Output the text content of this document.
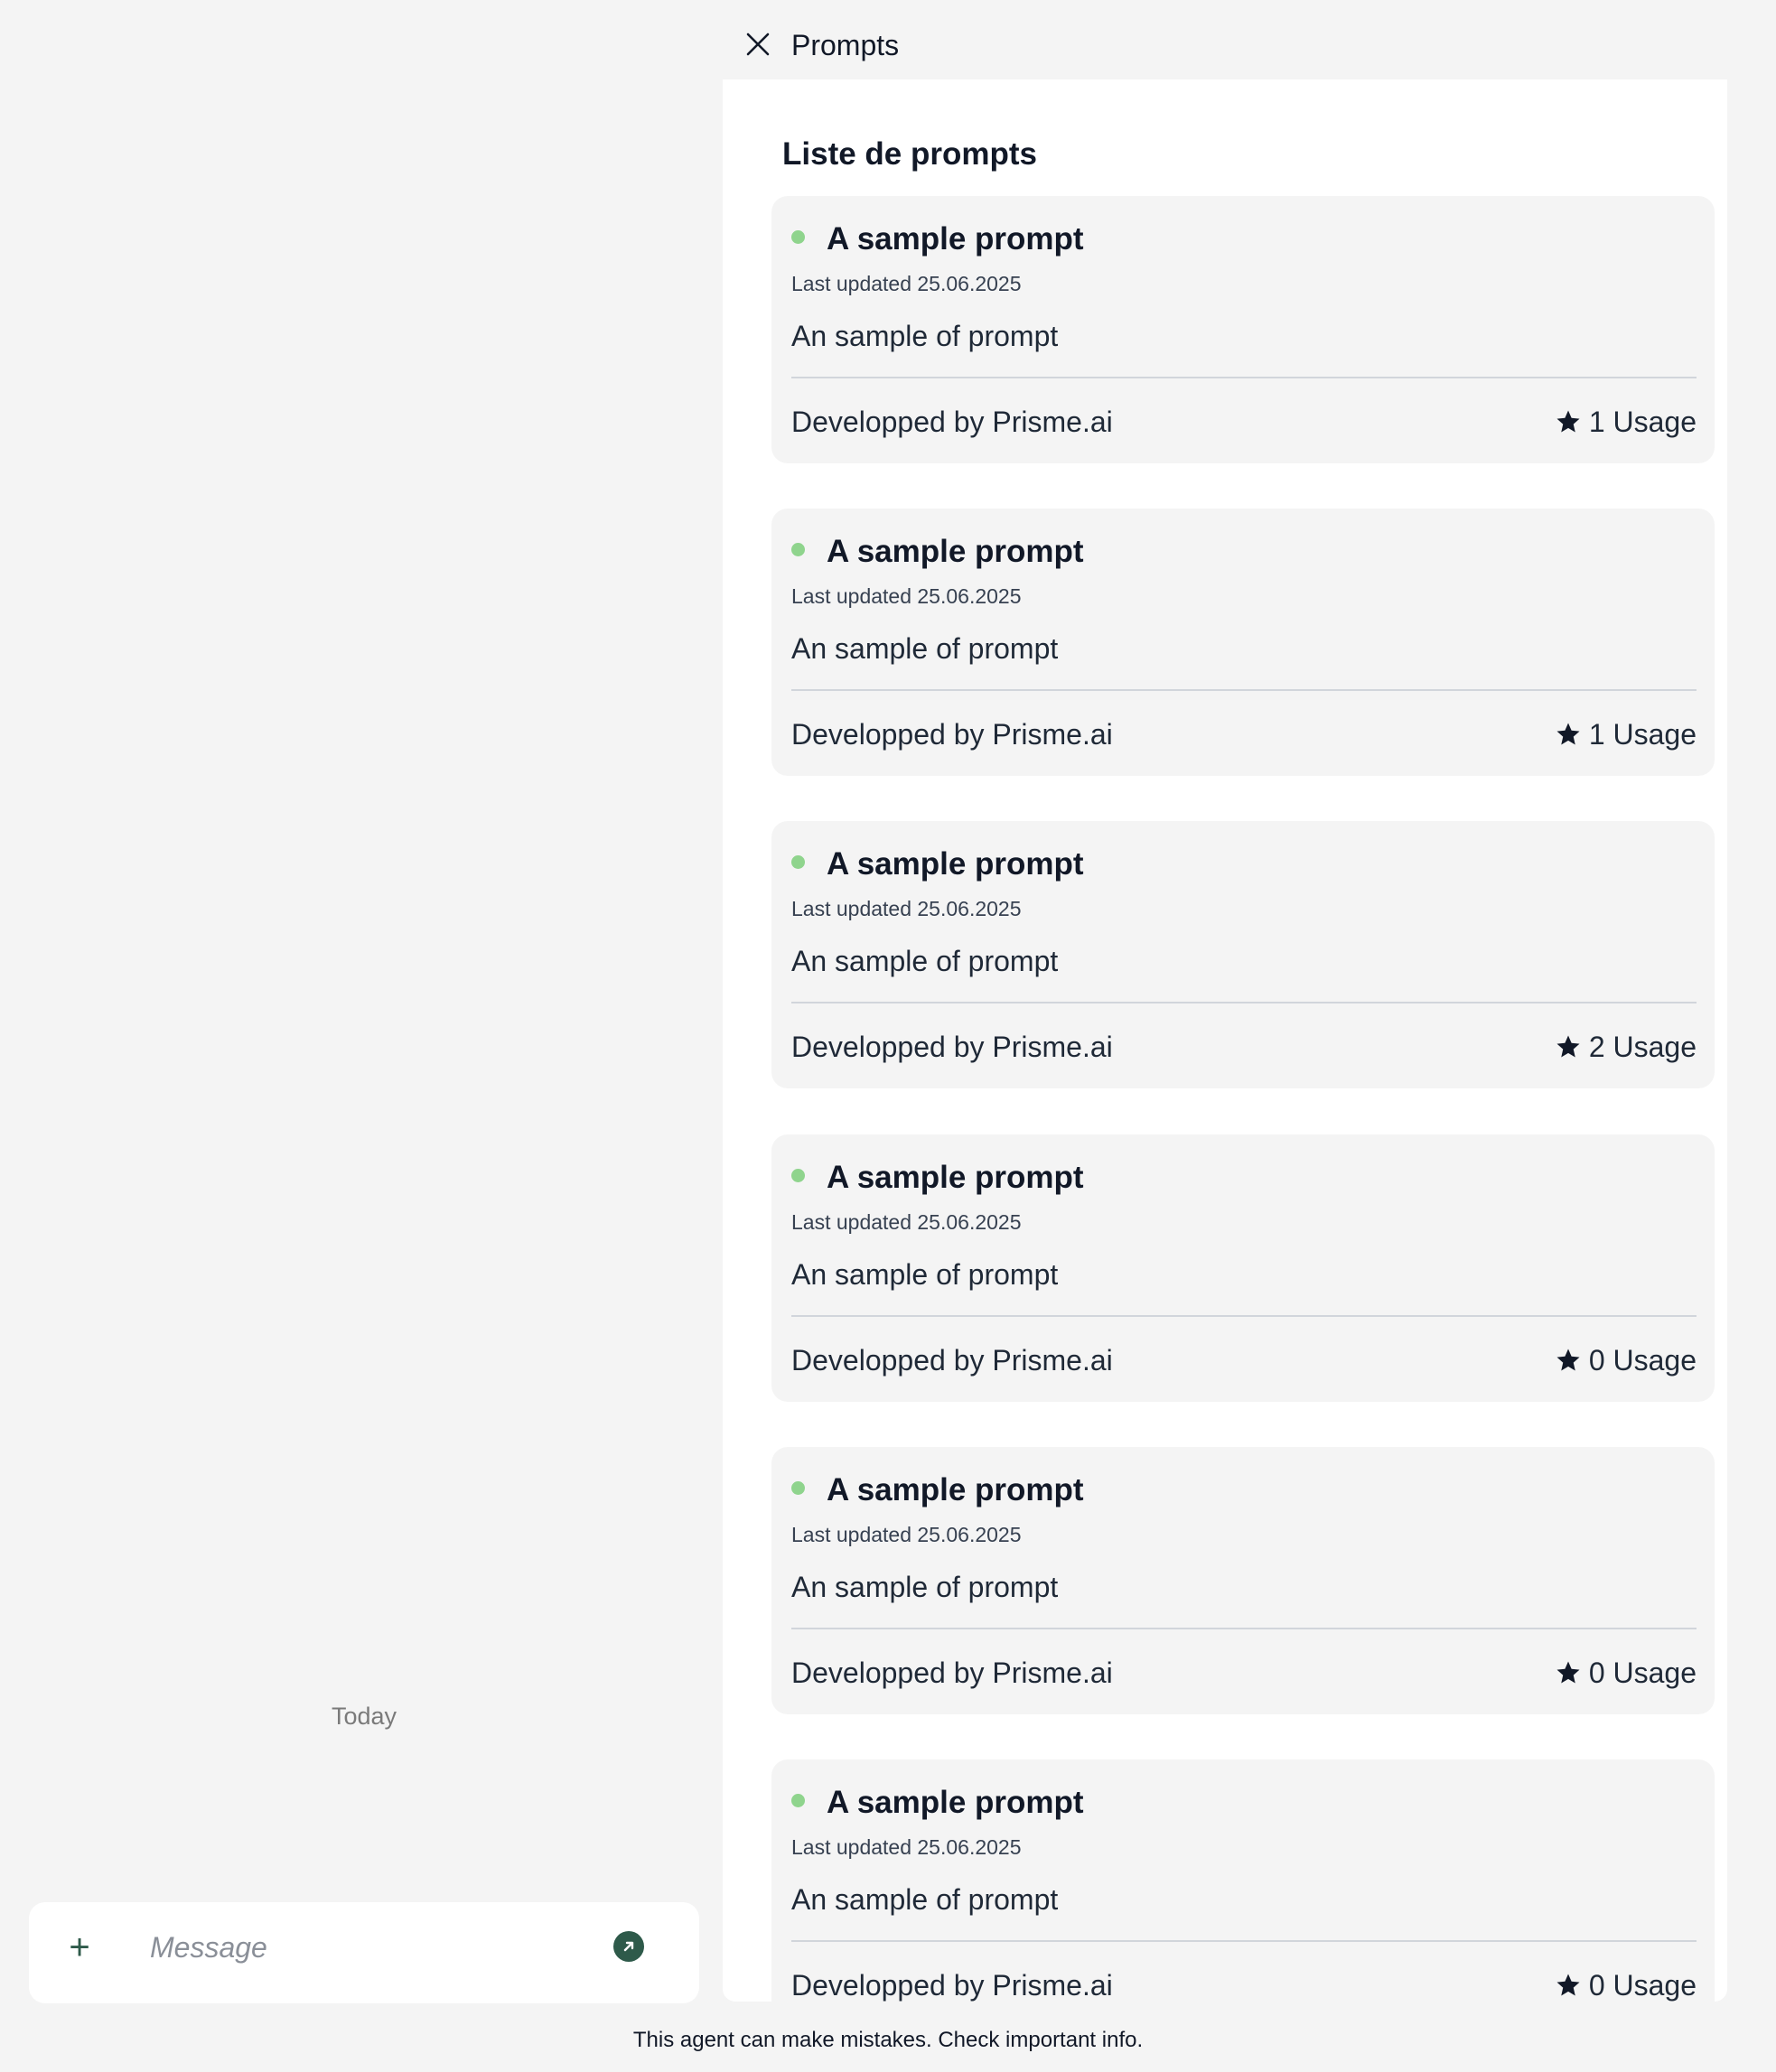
Today
+
Message
Prompts
Liste de prompts
A sample prompt
Last updated 25.06.2025
An sample of prompt
Developped by Prisme.ai	1 Usage
A sample prompt
Last updated 25.06.2025
An sample of prompt
Developped by Prisme.ai	1 Usage
A sample prompt
Last updated 25.06.2025
An sample of prompt
Developped by Prisme.ai	2 Usage
A sample prompt
Last updated 25.06.2025
An sample of prompt
Developped by Prisme.ai	0 Usage
A sample prompt
Last updated 25.06.2025
An sample of prompt
Developped by Prisme.ai	0 Usage
A sample prompt
Last updated 25.06.2025
An sample of prompt
Developped by Prisme.ai	0 Usage
This agent can make mistakes. Check important info.
